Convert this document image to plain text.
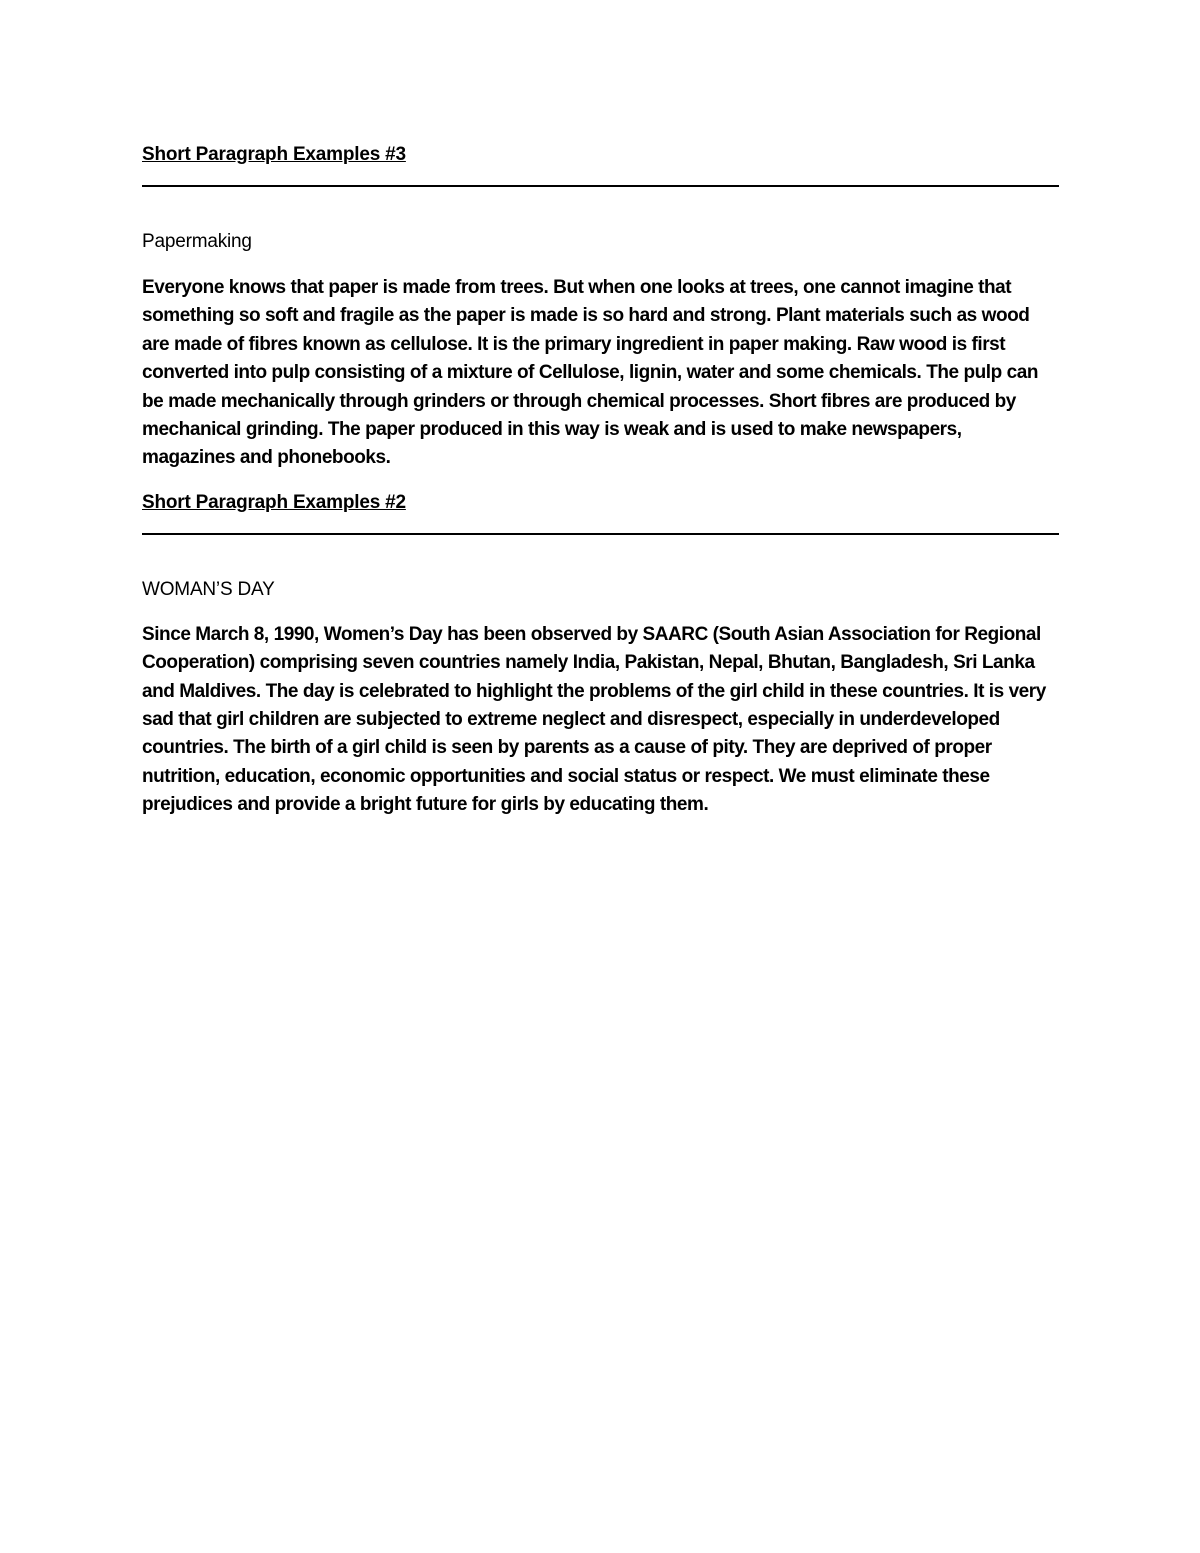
Short Paragraph Examples #3

Papermaking

Everyone knows that paper is made from trees. But when one looks at trees, one cannot imagine that something so soft and fragile as the paper is made is so hard and strong. Plant materials such as wood are made of fibres known as cellulose. It is the primary ingredient in paper making. Raw wood is first converted into pulp consisting of a mixture of Cellulose, lignin, water and some chemicals. The pulp can be made mechanically through grinders or through chemical processes. Short fibres are produced by mechanical grinding. The paper produced in this way is weak and is used to make newspapers, magazines and phonebooks.

Short Paragraph Examples #2

WOMAN’S DAY

Since March 8, 1990, Women’s Day has been observed by SAARC (South Asian Association for Regional Cooperation) comprising seven countries namely India, Pakistan, Nepal, Bhutan, Bangladesh, Sri Lanka and Maldives. The day is celebrated to highlight the problems of the girl child in these countries. It is very sad that girl children are subjected to extreme neglect and disrespect, especially in underdeveloped countries. The birth of a girl child is seen by parents as a cause of pity. They are deprived of proper nutrition, education, economic opportunities and social status or respect. We must eliminate these prejudices and provide a bright future for girls by educating them.
